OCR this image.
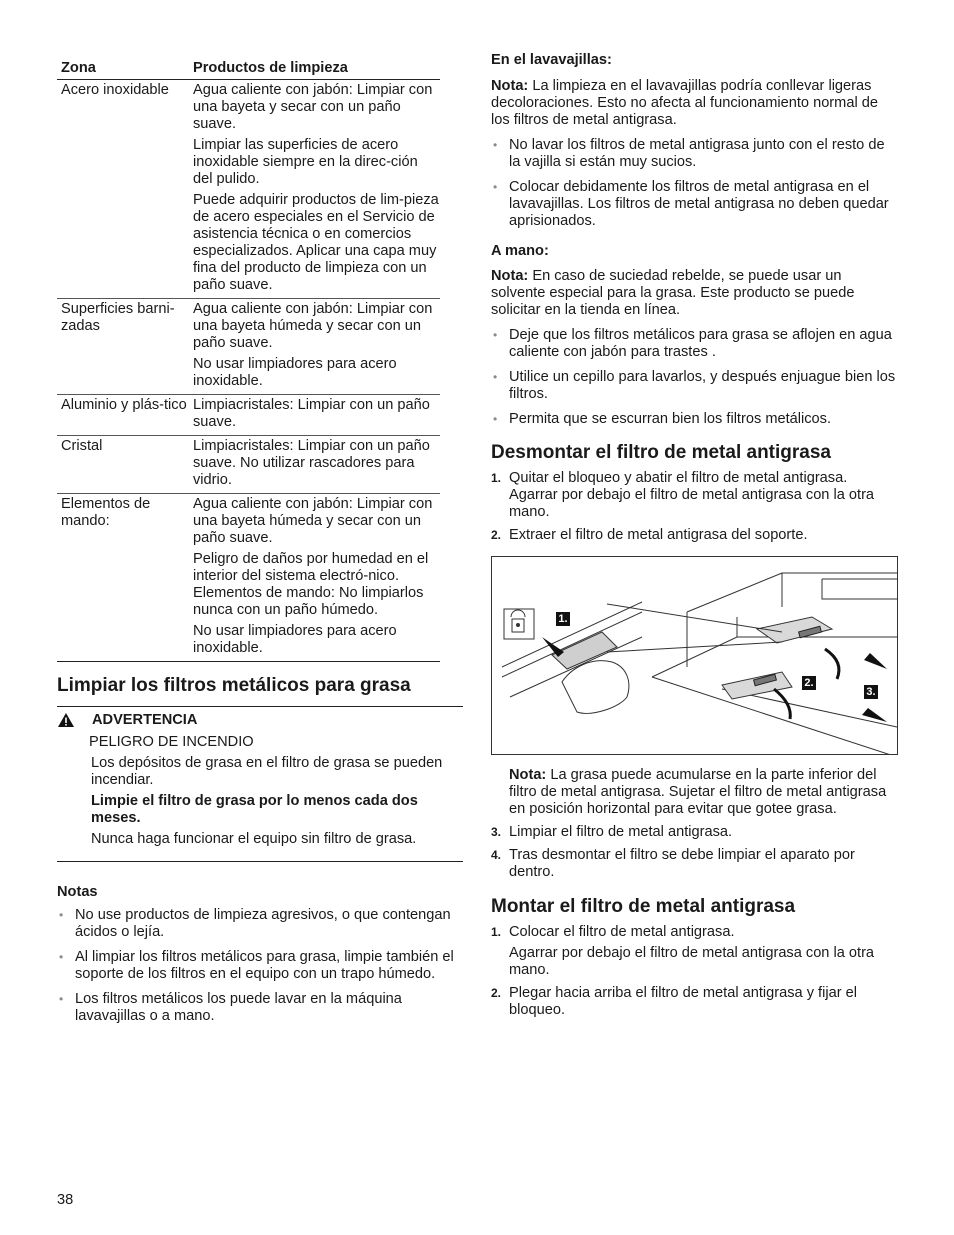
Zona	Productos de limpieza
Acero inoxidable	Agua caliente con jabón: Limpiar con una bayeta y secar con un paño suave.

Limpiar las superficies de acero inoxidable siempre en la direc-ción del pulido.

Puede adquirir productos de lim-pieza de acero especiales en el Servicio de asistencia técnica o en comercios especializados. Aplicar una capa muy fina del producto de limpieza con un paño suave.

Superficies barni-zadas	Agua caliente con jabón: Limpiar con una bayeta húmeda y secar con un paño suave.

No usar limpiadores para acero inoxidable.

Aluminio y plás-tico	Limpiacristales: Limpiar con un paño suave.

Cristal	Limpiacristales: Limpiar con un paño suave. No utilizar rascadores para vidrio.

Elementos de mando:	Agua caliente con jabón: Limpiar con una bayeta húmeda y secar con un paño suave.

Peligro de daños por humedad en el interior del sistema electró-nico. Elementos de mando: No limpiarlos nunca con un paño húmedo.

No usar limpiadores para acero inoxidable.

Limpiar los filtros metálicos para grasa
ADVERTENCIA

PELIGRO DE INCENDIO

Los depósitos de grasa en el filtro de grasa se pueden incendiar.

Limpie el filtro de grasa por lo menos cada dos meses.

Nunca haga funcionar el equipo sin filtro de grasa.

Notas
• No use productos de limpieza agresivos, o que contengan ácidos o lejía.
• Al limpiar los filtros metálicos para grasa, limpie también el soporte de los filtros en el equipo con un trapo húmedo.
• Los filtros metálicos los puede lavar en la máquina lavavajillas o a mano.
En el lavavajillas:

Nota: La limpieza en el lavavajillas podría conllevar ligeras decoloraciones. Esto no afecta al funcionamiento normal de los filtros de metal antigrasa.

• No lavar los filtros de metal antigrasa junto con el resto de la vajilla si están muy sucios.
• Colocar debidamente los filtros de metal antigrasa en el lavavajillas. Los filtros de metal antigrasa no deben quedar aprisionados.
A mano:

Nota: En caso de suciedad rebelde, se puede usar un solvente especial para la grasa. Este producto se puede solicitar en la tienda en línea.

• Deje que los filtros metálicos para grasa se aflojen en agua caliente con jabón para trastes .
• Utilice un cepillo para lavarlos, y después enjuague bien los filtros.
• Permita que se escurran bien los filtros metálicos.
Desmontar el filtro de metal antigrasa
1. Quitar el bloqueo y abatir el filtro de metal antigrasa. Agarrar por debajo el filtro de metal antigrasa con la otra mano.
2. Extraer el filtro de metal antigrasa del soporte.
1.
2.
3.

Nota: La grasa puede acumularse en la parte inferior del filtro de metal antigrasa. Sujetar el filtro de metal antigrasa en posición horizontal para evitar que gotee grasa.

3. Limpiar el filtro de metal antigrasa.
4. Tras desmontar el filtro se debe limpiar el aparato por dentro.
Montar el filtro de metal antigrasa
1. Colocar el filtro de metal antigrasa.

Agarrar por debajo el filtro de metal antigrasa con la otra mano.

2. Plegar hacia arriba el filtro de metal antigrasa y fijar el bloqueo.
38
